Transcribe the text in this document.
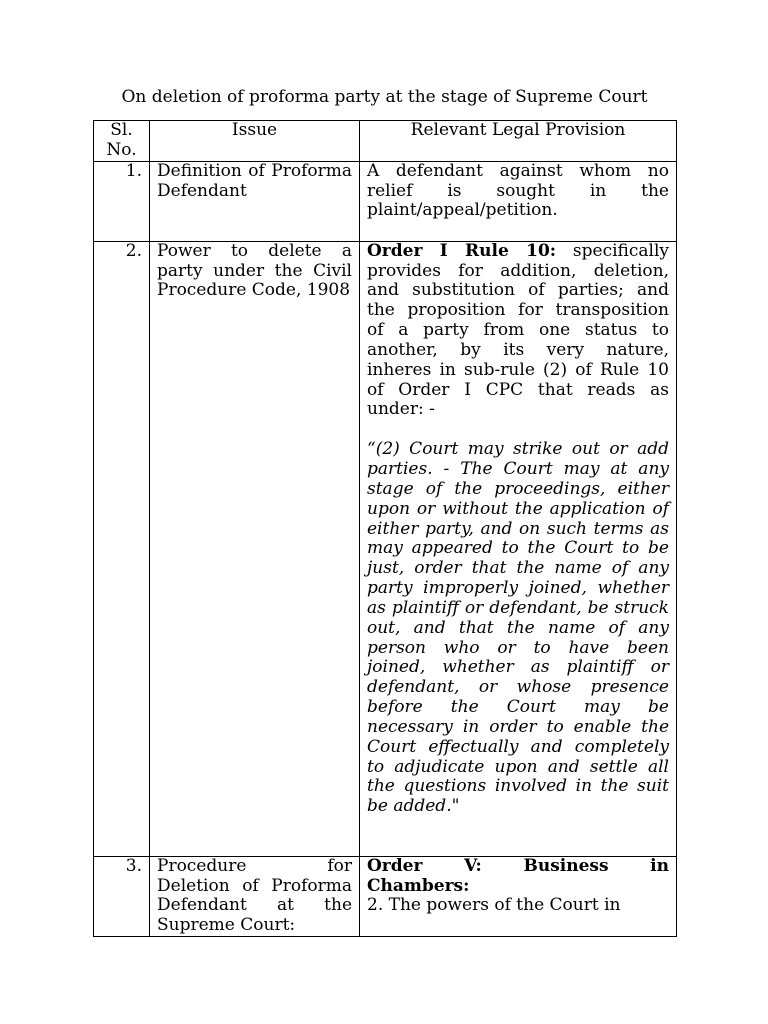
On deletion of proforma party at the stage of Supreme Court
Sl. No.	Issue	Relevant Legal Provision
1.	Definition of Proforma Defendant	A defendant against whom no relief is sought in the plaint/appeal/petition.
2.	Power to delete a party under the Civil Procedure Code, 1908	Order I Rule 10: specifically provides for addition, deletion, and substitution of parties; and the proposition for transposition of a party from one status to another, by its very nature, inheres in sub-rule (2) of Rule 10 of Order I CPC that reads as under: -
“(2) Court may strike out or add parties. - The Court may at any stage of the proceedings, either upon or without the application of either party, and on such terms as may appeared to the Court to be just, order that the name of any party improperly joined, whether as plaintiff or defendant, be struck out, and that the name of any person who or to have been joined, whether as plaintiff or defendant, or whose presence before the Court may be necessary in order to enable the Court effectually and completely to adjudicate upon and settle all the questions involved in the suit be added."

3.	Procedure for Deletion of Proforma Defendant at the Supreme Court:	Order V: Business in Chambers:
2. The powers of the Court in
